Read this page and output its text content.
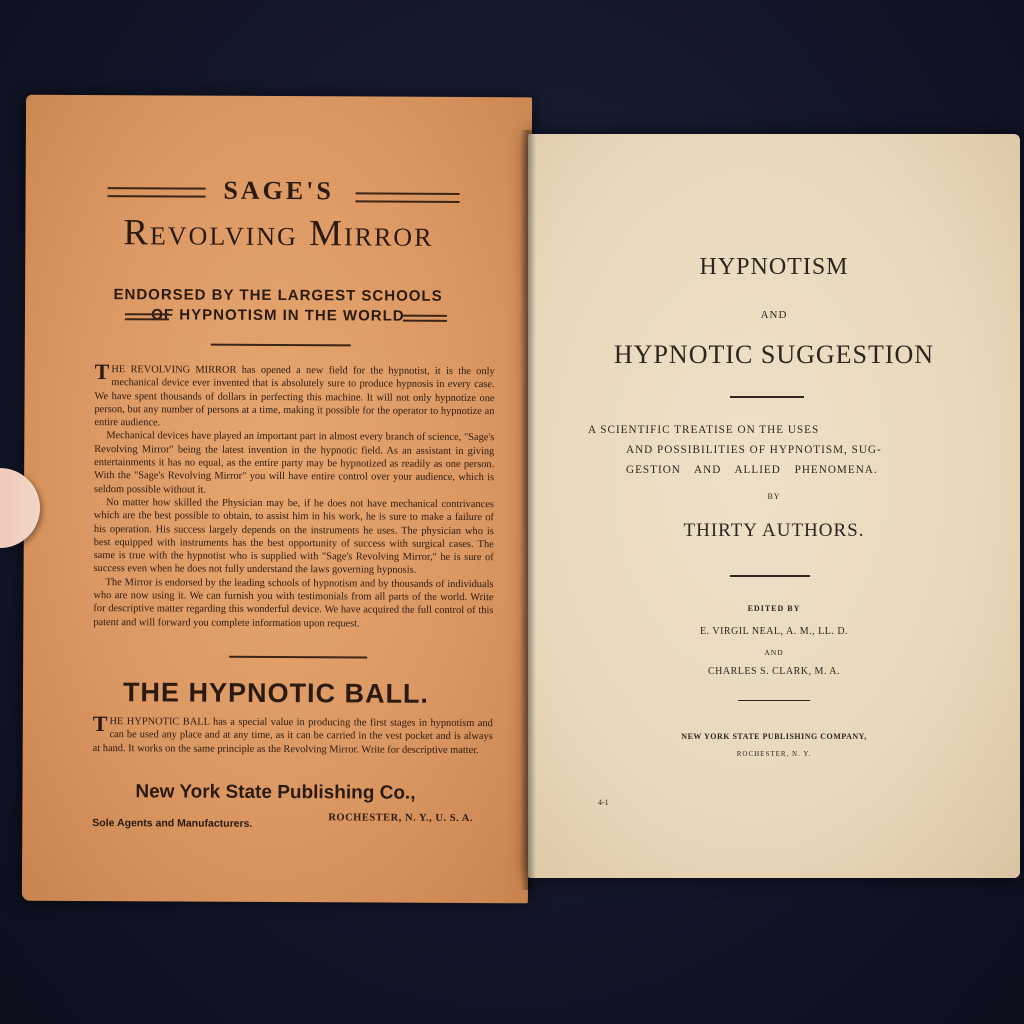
SAGE'S
Revolving Mirror
ENDORSED BY THE LARGEST SCHOOLS
OF HYPNOTISM IN THE WORLD

THE REVOLVING MIRROR has opened a new field for the hypnotist, it is the only mechanical device ever invented that is absolutely sure to produce hypnosis in every case. We have spent thousands of dollars in perfecting this machine. It will not only hypnotize one person, but any number of persons at a time, making it possible for the operator to hypnotize an entire audience.

Mechanical devices have played an important part in almost every branch of science, "Sage's Revolving Mirror" being the latest invention in the hypnotic field. As an assistant in giving entertainments it has no equal, as the entire party may be hypnotized as readily as one person. With the "Sage's Revolving Mirror" you will have entire control over your audience, which is seldom possible without it.

No matter how skilled the Physician may be, if he does not have mechanical contrivances which are the best possible to obtain, to assist him in his work, he is sure to make a failure of his operation. His success largely depends on the instruments he uses. The physician who is best equipped with instruments has the best opportunity of success with surgical cases. The same is true with the hypnotist who is supplied with "Sage's Revolving Mirror," he is sure of success even when he does not fully understand the laws governing hypnosis.

The Mirror is endorsed by the leading schools of hypnotism and by thousands of individuals who are now using it. We can furnish you with testimonials from all parts of the world. Write for descriptive matter regarding this wonderful device. We have acquired the full control of this patent and will forward you complete information upon request.

THE HYPNOTIC BALL.
THE HYPNOTIC BALL has a special value in producing the first stages in hypnotism and can be used any place and at any time, as it can be carried in the vest pocket and is always at hand. It works on the same principle as the Revolving Mirror. Write for descriptive matter.
New York State Publishing Co.,
Sole Agents and Manufacturers.	ROCHESTER, N. Y., U. S. A.
HYPNOTISM
AND
HYPNOTIC SUGGESTION
A SCIENTIFIC TREATISE ON THE USES
AND POSSIBILITIES OF HYPNOTISM, SUG-
GESTION AND ALLIED PHENOMENA.
BY
THIRTY AUTHORS.
EDITED BY
E. VIRGIL NEAL, A. M., LL. D.
AND
CHARLES S. CLARK, M. A.
NEW YORK STATE PUBLISHING COMPANY,
ROCHESTER, N. Y.
4-1
